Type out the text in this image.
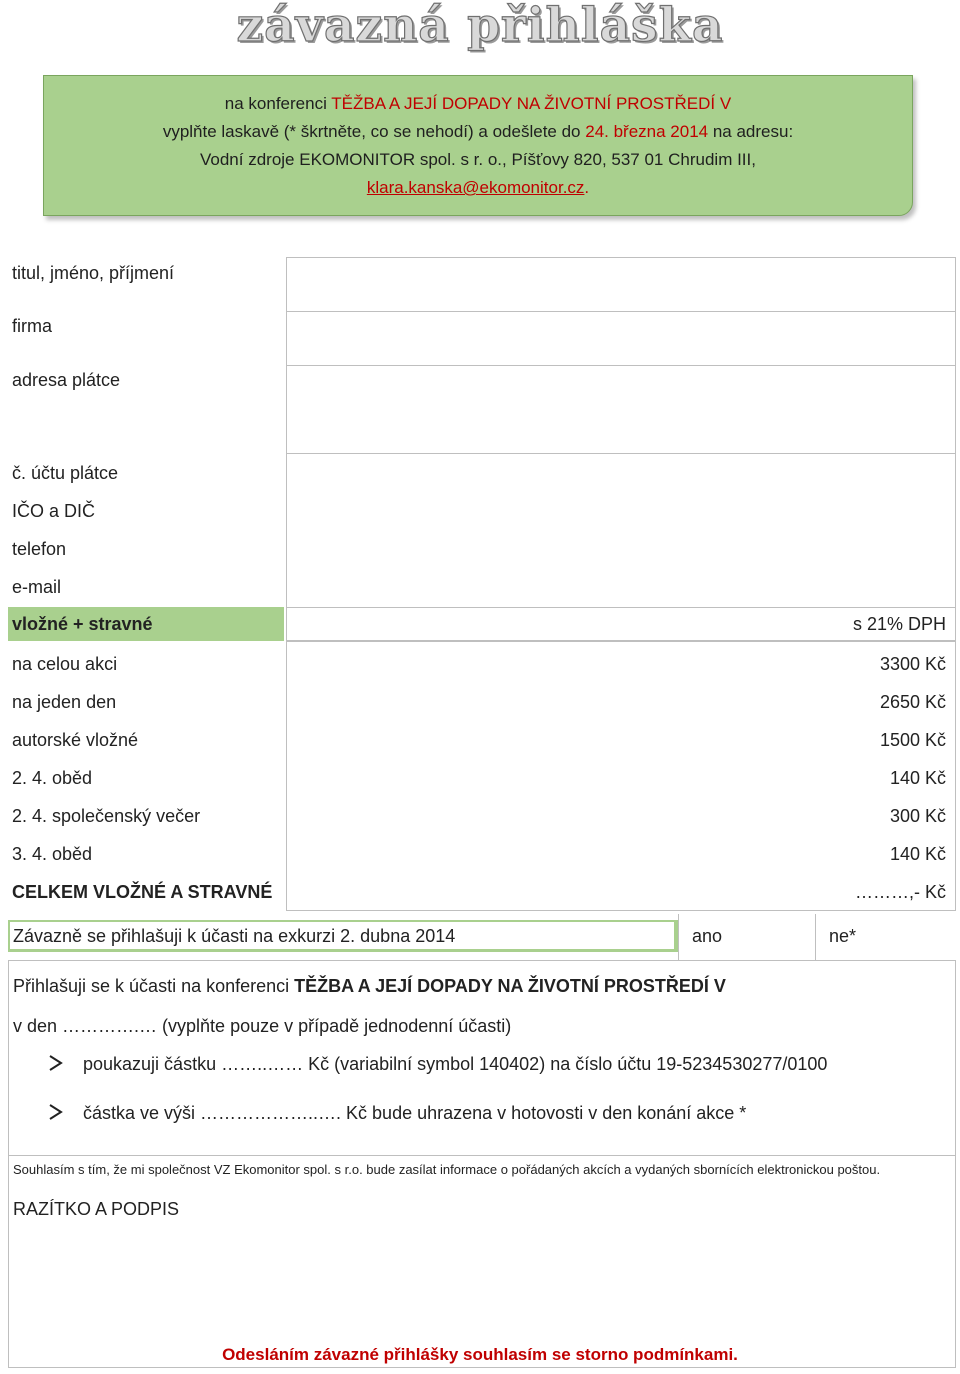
závazná přihláška
na konferenci TĚŽBA A JEJÍ DOPADY NA ŽIVOTNÍ PROSTŘEDÍ V
vyplňte laskavě (* škrtněte, co se nehodí) a odešlete do 24. března 2014 na adresu:
Vodní zdroje EKOMONITOR spol. s r. o., Píšťovy 820, 537 01 Chrudim III,
klara.kanska@ekomonitor.cz.
titul, jméno, příjmení
firma
adresa plátce
č. účtu plátce
IČO a DIČ
telefon
e-mail
vložné + stravné	s 21% DPH
na celou akci	3300 Kč
na jeden den	2650 Kč
autorské vložné	1500 Kč
2. 4. oběd	140 Kč
2. 4. společenský večer	300 Kč
3. 4. oběd	140 Kč
CELKEM VLOŽNÉ A STRAVNÉ	………,- Kč
Závazně se přihlašuji k účasti na exkurzi 2. dubna 2014	ano	ne*
Přihlašuji se k účasti na konferenci TĚŽBA A JEJÍ DOPADY NA ŽIVOTNÍ PROSTŘEDÍ V
v den ………….… (vyplňte pouze v případě jednodenní účasti)
poukazuji částku ……..…… Kč (variabilní symbol 140402) na číslo účtu 19-5234530277/0100
částka ve výši ………………..…. Kč bude uhrazena v hotovosti v den konání akce *
Souhlasím s tím, že mi společnost VZ Ekomonitor spol. s r.o. bude zasílat informace o pořádaných akcích a vydaných sbornících elektronickou poštou.
RAZÍTKO A PODPIS
Odesláním závazné přihlášky souhlasím se storno podmínkami.
